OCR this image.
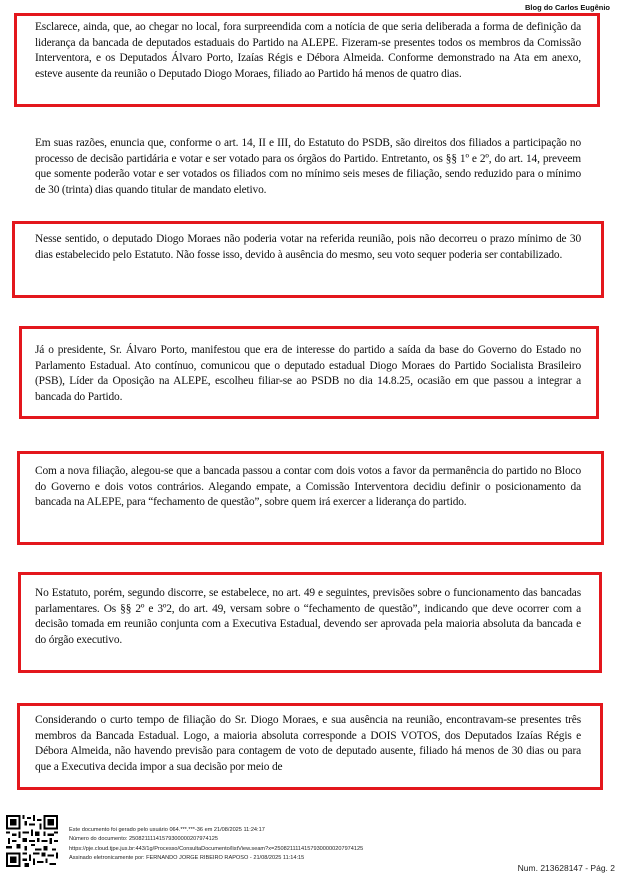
Blog do Carlos Eugênio
Esclarece, ainda, que, ao chegar no local, fora surpreendida com a notícia de que seria deliberada a forma de definição da liderança da bancada de deputados estaduais do Partido na ALEPE. Fizeram-se presentes todos os membros da Comissão Interventora, e os Deputados Álvaro Porto, Izaías Régis e Débora Almeida. Conforme demonstrado na Ata em anexo, esteve ausente da reunião o Deputado Diogo Moraes, filiado ao Partido há menos de quatro dias.
Em suas razões, enuncia que, conforme o art. 14, II e III, do Estatuto do PSDB, são direitos dos filiados a participação no processo de decisão partidária e votar e ser votado para os órgãos do Partido. Entretanto, os §§ 1º e 2º, do art. 14, preveem que somente poderão votar e ser votados os filiados com no mínimo seis meses de filiação, sendo reduzido para o mínimo de 30 (trinta) dias quando titular de mandato eletivo.
Nesse sentido, o deputado Diogo Moraes não poderia votar na referida reunião, pois não decorreu o prazo mínimo de 30 dias estabelecido pelo Estatuto. Não fosse isso, devido à ausência do mesmo, seu voto sequer poderia ser contabilizado.
Já o presidente, Sr. Álvaro Porto, manifestou que era de interesse do partido a saída da base do Governo do Estado no Parlamento Estadual. Ato contínuo, comunicou que o deputado estadual Diogo Moraes do Partido Socialista Brasileiro (PSB), Líder da Oposição na ALEPE, escolheu filiar-se ao PSDB no dia 14.8.25, ocasião em que passou a integrar a bancada do Partido.
Com a nova filiação, alegou-se que a bancada passou a contar com dois votos a favor da permanência do partido no Bloco do Governo e dois votos contrários. Alegando empate, a Comissão Interventora decidiu definir o posicionamento da bancada na ALEPE, para “fechamento de questão”, sobre quem irá exercer a liderança do partido.
No Estatuto, porém, segundo discorre, se estabelece, no art. 49 e seguintes, previsões sobre o funcionamento das bancadas parlamentares. Os §§ 2º e 3º2, do art. 49, versam sobre o “fechamento de questão”, indicando que deve ocorrer com a decisão tomada em reunião conjunta com a Executiva Estadual, devendo ser aprovada pela maioria absoluta da bancada e do órgão executivo.
Considerando o curto tempo de filiação do Sr. Diogo Moraes, e sua ausência na reunião, encontravam-se presentes três membros da Bancada Estadual. Logo, a maioria absoluta corresponde a DOIS VOTOS, dos Deputados Izaías Régis e Débora Almeida, não havendo previsão para contagem de voto de deputado ausente, filiado há menos de 30 dias ou para que a Executiva decida impor a sua decisão por meio de
Este documento foi gerado pelo usuário 064.***.***-36 em 21/08/2025 11:24:17
Número do documento: 25082111141579300000207974125
https://pje.cloud.tjpe.jus.br:443/1g/Processo/ConsultaDocumento/listView.seam?x=25082111141579300000207974125
Assinado eletronicamente por: FERNANDO JORGE RIBEIRO RAPOSO - 21/08/2025 11:14:15
Num. 213628147 - Pág. 2
